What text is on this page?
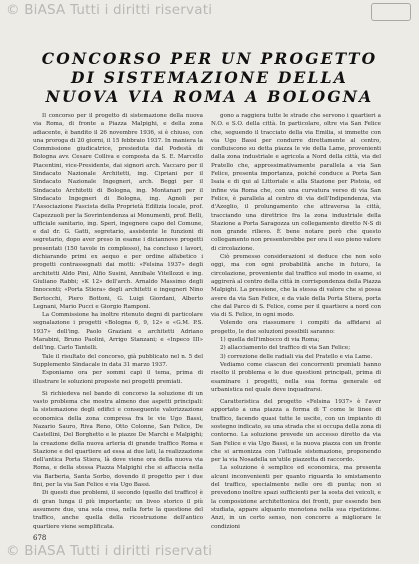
© BiASA Tutti i diritti riservati
CONCORSO PER UN PROGETTO
DI SISTEMAZIONE DELLA
NUOVA VIA ROMA A BOLOGNA

Il concorso per il progetto di sistemazione della nuova via Roma, di fronte a Piazza Malpighi, e della zona adiacente, è bandito il 26 novembre 1936, si è chiuso, con una proroga di 20 giorni, il 15 febbraio 1937. In maniera la Commissione giudicatrice, presieduta dal Podestà di Bologna avv. Cesare Colliva e composta da S. E. Marcello Piacentini, vice-Presidente, dai signori arch. Vaccaro per il Sindacato Nazionale Architetti, ing. Cipriani per il Sindacato Nazionale Ingegneri, arch. Beggi per il Sindacato Architetti di Bologna, ing. Montanari per il Sindacato Ingegneri di Bologna, ing. Agnoli per l'Associazione Fascista della Proprietà Edilizia locale, prof. Capezzuoli per la Sovrintendenza ai Monumenti, prof. Belli, ufficiale sanitario, ing. Speri, ingegnere capo del Comune, e dal dr. G. Gatti, segretario, assistente le funzioni di segretario, dopo aver preso in esame i diciannove progetti presentati (150 tavole in complesso), ha concluso i lavori, dichiarando primi ex aequo e per ordine alfabetico i progetti contrassegnati dai motti: «Felsina 1937» degli architetti Aldo Pini, Alfio Susini, Annibale Vitellozzi e ing. Giuliano Rabbi; «K 12» dell'arch. Arnaldo Massimo degli Innocenti; «Porta Stiera» degli architetti e ingegneri Nino Bertocchi, Piero Bottoni, G. Luigi Giordani, Alberto Legnani, Mario Pucci e Giorgio Ramponi.

La Commissione ha inoltre ritenuto degni di particolare segnalazione i progetti «Bologna 6, 9, 12» e «G.M. P.S. 1937» dell'ing. Paolo Graziani e architetti Adriano Marabini, Bruno Paolini, Arrigo Stanzani; e «Inpeco III» dell'ing. Carlo Tantelli.

Tale il risultato del concorso, già pubblicato nel n. 5 del Supplemento Sindacale in data 31 marzo 1937.

Esponiamo ora per sommi capi il tema, prima di illustrare le soluzioni proposte nei progetti premiati.

Si richiedeva nel bando di concorso la soluzione di un vasto problema che mostra almeno due aspetti principali: la sistemazione degli edifici e conseguente valorizzazione economica della zona compresa fra le vie Ugo Bassi, Nazario Sauro, Riva Reno, Otto Colonne, San Felice, De Castellini, Del Borghetto e le piazze De Marchi e Malpighi; la creazione della nuova arteria di grande traffico Roma e Stazione e del quartiere ad essa ai due lati, la realizzazione dell'antica Porta Stiera, là dove viene ora della nuova via Roma, e della stessa Piazza Malpighi che si affaccia nella via Barberia, Santa Sorbo, dovendo il progetto per i due fini, per la via San Felice e via Ugo Bassi.

Di questi due problemi, il secondo (quello del traffico) è di gran lunga il più importante; un liveo storico il più assumere due, una sola cosa, nella forte la questione del traffico, anche quella della ricostruzione dell'antico quartiere viene semplificata.

gono a raggiera tutte le strade che servono i quartieri a N.O. e S.O. della città. In particolare, oltre via San Felice che, seguendo il tracciato della via Emilia, si immette con via Ugo Bassi per condurre direttamente al centro, confluiscono su detta piazza le vie della Lame, provenienti dalla zona industriale e agricola a Nord della città, via del Pratello che, approssimativamente parallela a via San Felice, presenta importanza, poiché conduce a Porta San Isaia e di qui al Littoriale e alla Stazione per Pistoia, ed infine via Roma che, con una curvatura verso di via San Felice, è parallela al centro di via dell'Indipendenza, via d'Azeglio, il prolungamento che attraversa la città, tracciando una direttrice fra la zona industriale della Stazione a Porta Saragozza un collegamento diretto N-S di non grande rilievo. È bene notare però che questo collegamento non presenterebbe per ora il suo pieno valore di circolazione.

Ciò premesso considerazioni si deduce che non solo oggi, ma con ogni probabilità anche in futuro, la circolazione, proveniente dal traffico sul modo in esame, si aggirerà al centro della città in corrispondenza della Piazza Malpighi. La pressione, che la stessa di valore che si possa avere da via San Felice, e da viale della Porta Stiera, porta che dal Parco di S. Felice, come per il quartiere a nord con via di S. Felice, in ogni modo.

Volendo ora riassumere i compiti da affidarsi al progetto, le due soluzioni possibili saranno:

1) quella dell'imbocco di via Roma;

2) allacciamento del traffico di via San Felice;

3) correzione delle radiali via del Pratello e via Lame.

Vediamo come ciascun dei concorrenti premiati hanno risolto il problema e le due questioni principali, prima di esaminare i progetti, nella sua forma generale ed urbanistica nel quale deve inquadrarsi.

Caratteristica del progetto «Felsina 1937» è l'aver apportato a una piazza a forma di T come le linee di traffico, facendo quasi tutte le uscite, con un impianto di sostegno indicato, su una strada che si occupa della zona di contorno. La soluzione prevede un accesso diretto da via San Felice e via Ugo Bassi, e la nuova piazza con un fronte che si armonizza con l'attuale sistemazione, proponendo per la via Nosadella un'utile piazzetta di raccordo.

La soluzione è semplice ed economica, ma presenta alcuni inconvenienti per quanto riguarda lo smistamento del traffico, specialmente nelle ore di punta; non si prevedono inoltre spazi sufficienti per la sosta dei veicoli, e la composizione architettonica dei fronti, pur essendo ben studiata, appare alquanto monotona nella sua ripetizione. Anzi, in un certo senso, non concorre a migliorare le condizioni

678
© BiASA Tutti i diritti riservati
